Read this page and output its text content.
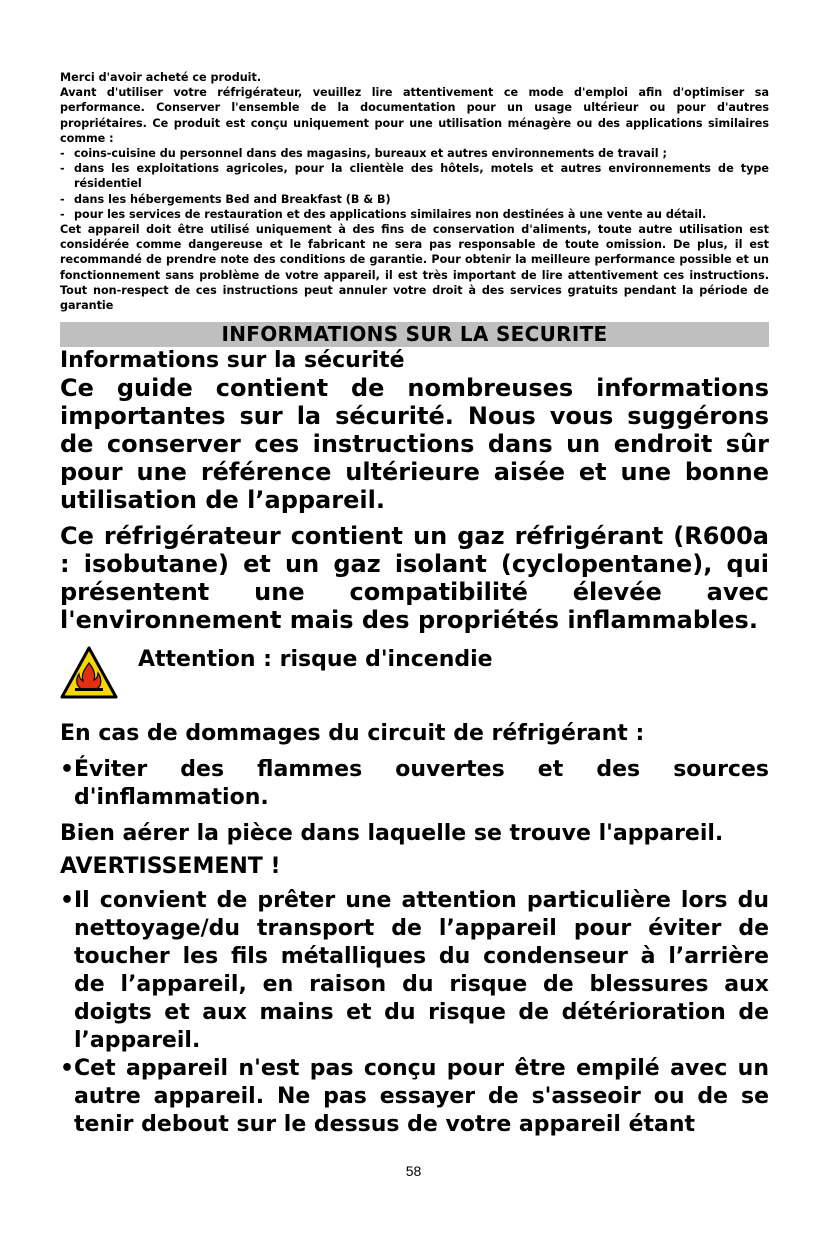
Merci d'avoir acheté ce produit.

Avant d'utiliser votre réfrigérateur, veuillez lire attentivement ce mode d'emploi afin d'optimiser sa performance. Conserver l'ensemble de la documentation pour un usage ultérieur ou pour d'autres propriétaires. Ce produit est conçu uniquement pour une utilisation ménagère ou des applications similaires comme :

- coins-cuisine du personnel dans des magasins, bureaux et autres environnements de travail ;
- dans les exploitations agricoles, pour la clientèle des hôtels, motels et autres environnements de type résidentiel
- dans les hébergements Bed and Breakfast (B & B)
- pour les services de restauration et des applications similaires non destinées à une vente au détail.

Cet appareil doit être utilisé uniquement à des fins de conservation d'aliments, toute autre utilisation est considérée comme dangereuse et le fabricant ne sera pas responsable de toute omission. De plus, il est recommandé de prendre note des conditions de garantie. Pour obtenir la meilleure performance possible et un fonctionnement sans problème de votre appareil, il est très important de lire attentivement ces instructions. Tout non-respect de ces instructions peut annuler votre droit à des services gratuits pendant la période de garantie

INFORMATIONS SUR LA SECURITE

Informations sur la sécurité

Ce guide contient de nombreuses informations importantes sur la sécurité. Nous vous suggérons de conserver ces instructions dans un endroit sûr pour une référence ultérieure aisée et une bonne utilisation de l’appareil.

Ce réfrigérateur contient un gaz réfrigérant (R600a : isobutane) et un gaz isolant (cyclopentane), qui présentent une compatibilité élevée avec l'environnement mais des propriétés inflammables.

Attention : risque d'incendie

En cas de dommages du circuit de réfrigérant :

• Éviter des flammes ouvertes et des sources d'inflammation.

Bien aérer la pièce dans laquelle se trouve l'appareil.

AVERTISSEMENT !

• Il convient de prêter une attention particulière lors du nettoyage/du transport de l’appareil pour éviter de toucher les fils métalliques du condenseur à l’arrière de l’appareil, en raison du risque de blessures aux doigts et aux mains et du risque de détérioration de l’appareil.
• Cet appareil n'est pas conçu pour être empilé avec un autre appareil. Ne pas essayer de s'asseoir ou de se tenir debout sur le dessus de votre appareil étant
58
